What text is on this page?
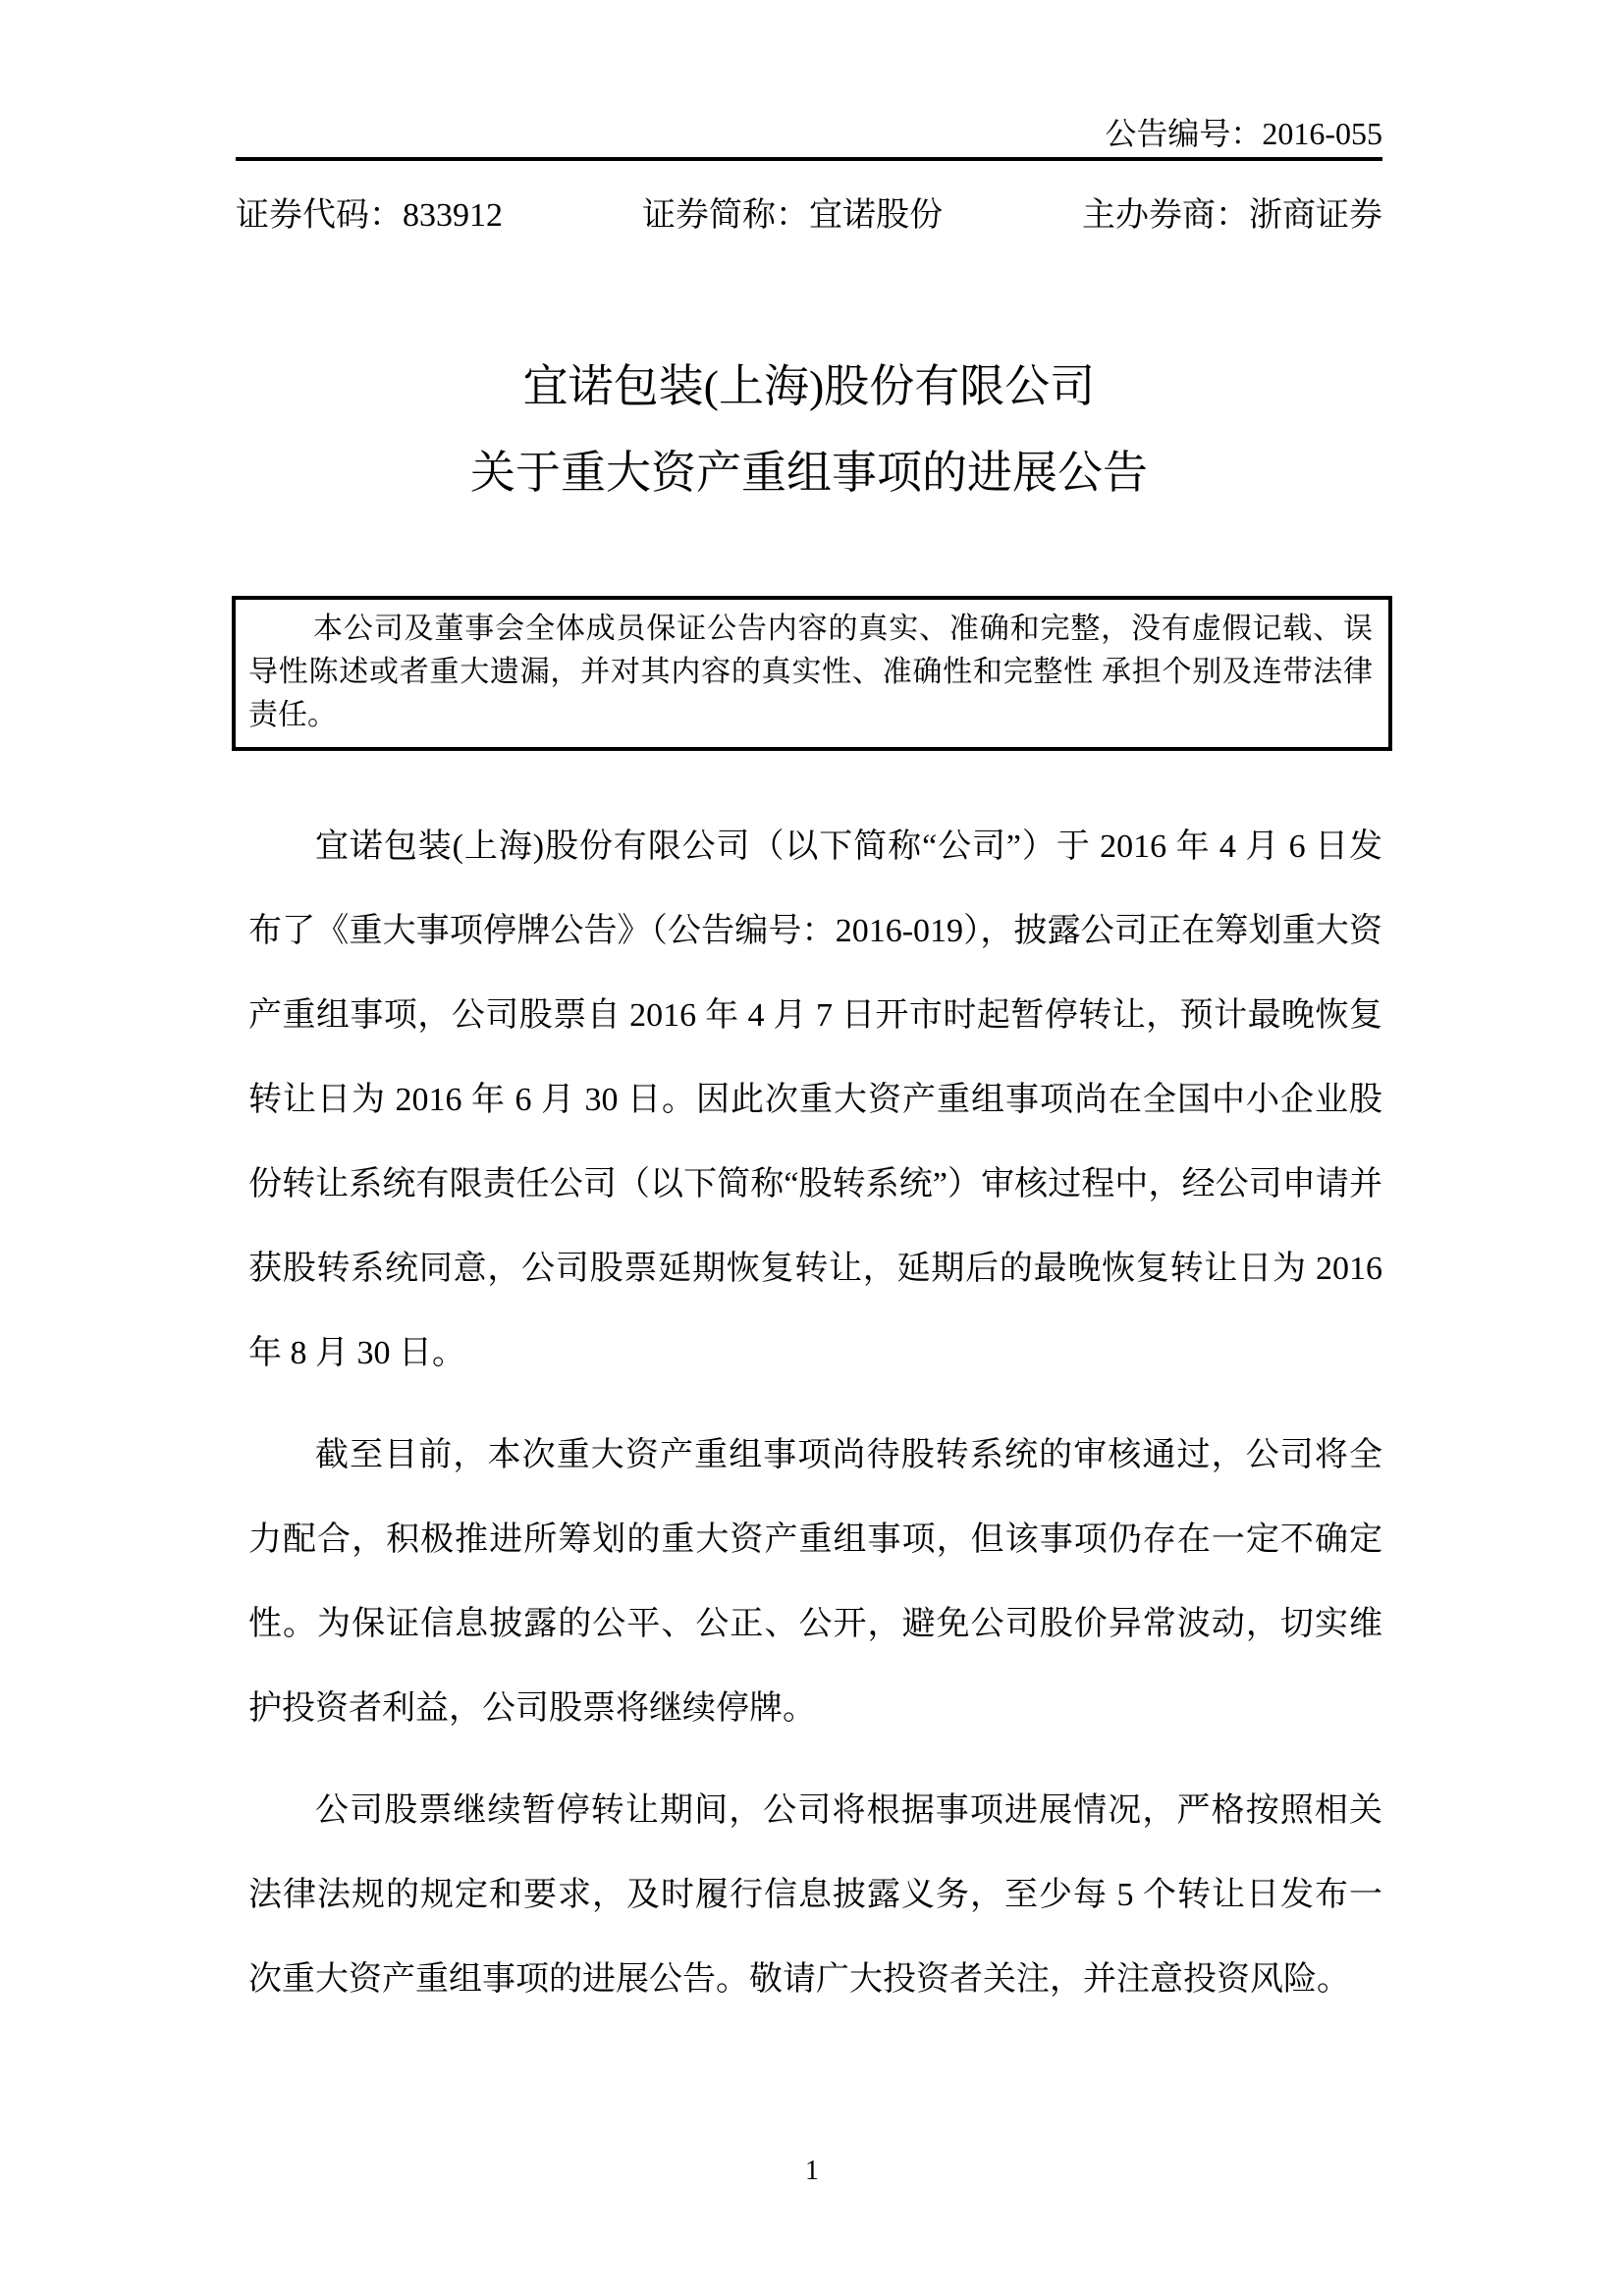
公告编号：2016-055
证券代码：833912	证券简称：宜诺股份	主办券商：浙商证券
宜诺包装(上海)股份有限公司
关于重大资产重组事项的进展公告

本公司及董事会全体成员保证公告内容的真实、准确和完整，没有虚假记载、误导性陈述或者重大遗漏，并对其内容的真实性、准确性和完整性 承担个别及连带法律责任。

宜诺包装(上海)股份有限公司（以下简称“公司”）于 2016 年 4 月 6 日发布了《重大事项停牌公告》（公告编号：2016-019），披露公司正在筹划重大资产重组事项，公司股票自 2016 年 4 月 7 日开市时起暂停转让，预计最晚恢复转让日为 2016 年 6 月 30 日。因此次重大资产重组事项尚在全国中小企业股份转让系统有限责任公司（以下简称“股转系统”）审核过程中，经公司申请并获股转系统同意，公司股票延期恢复转让，延期后的最晚恢复转让日为 2016 年 8 月 30 日。

截至目前，本次重大资产重组事项尚待股转系统的审核通过，公司将全力配合，积极推进所筹划的重大资产重组事项，但该事项仍存在一定不确定性。为保证信息披露的公平、公正、公开，避免公司股价异常波动，切实维护投资者利益，公司股票将继续停牌。

公司股票继续暂停转让期间，公司将根据事项进展情况，严格按照相关法律法规的规定和要求，及时履行信息披露义务，至少每 5 个转让日发布一次重大资产重组事项的进展公告。敬请广大投资者关注，并注意投资风险。

1
